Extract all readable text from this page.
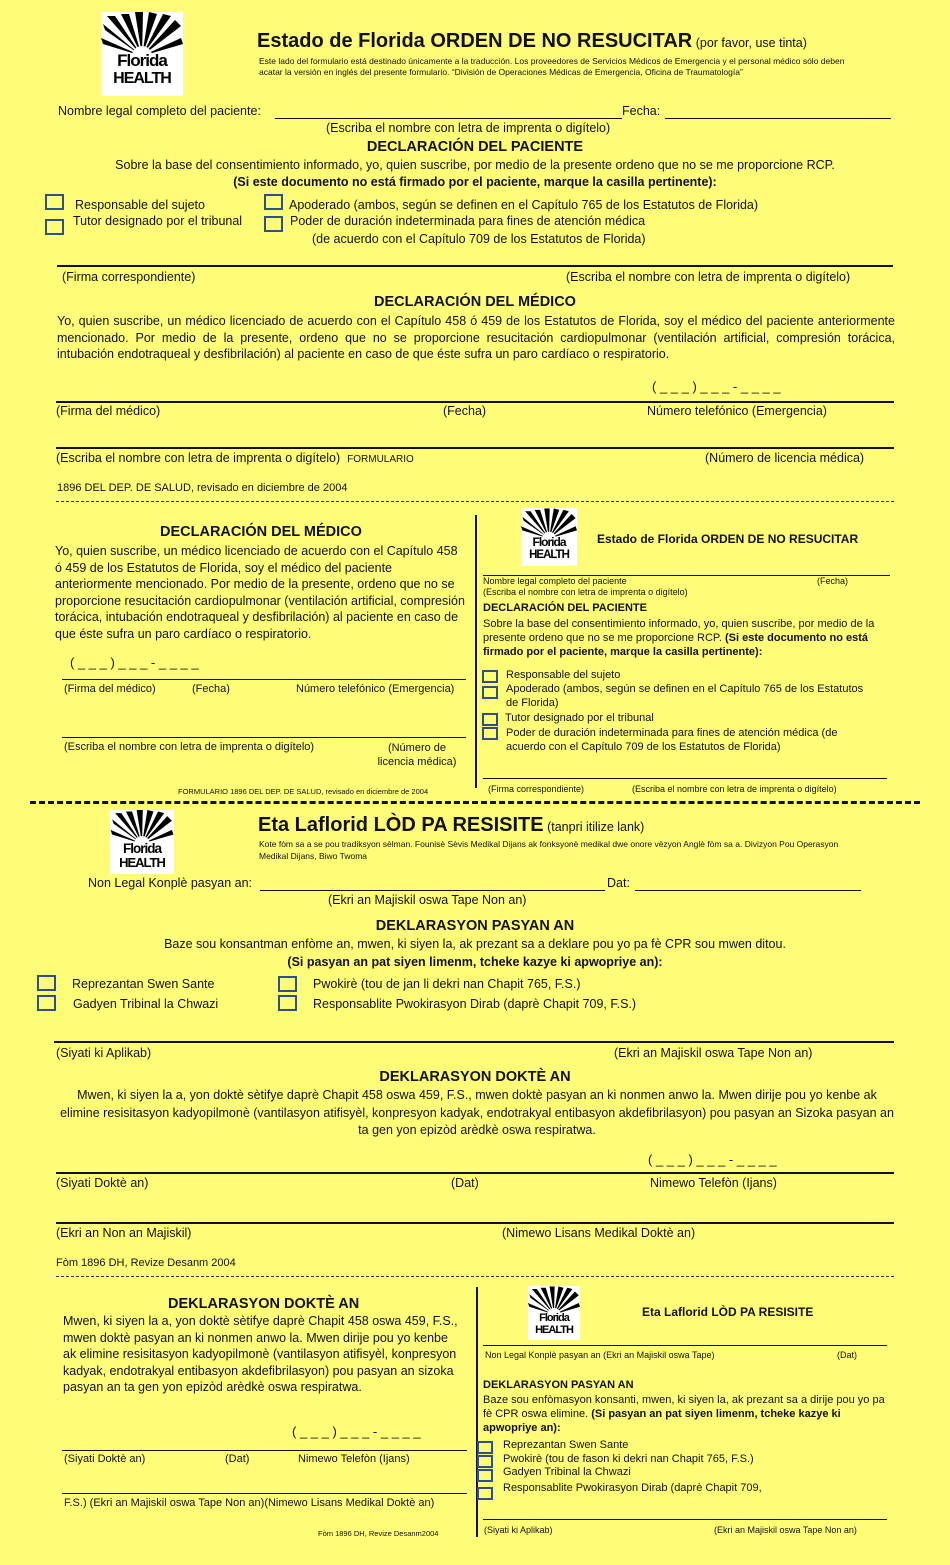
Florida
HEALTH
Estado de Florida ORDEN DE NO RESUCITAR (por favor, use tinta)
Este lado del formulario está destinado únicamente a la traducción. Los proveedores de Servicios Médicos de Emergencia y el personal médico sólo deben acatar la versión en inglés del presente formulario. “División de Operaciones Médicas de Emergencia, Oficina de Traumatología”
Nombre legal completo del paciente:	Fecha:
(Escriba el nombre con letra de imprenta o digítelo)
DECLARACIÓN DEL PACIENTE
Sobre la base del consentimiento informado, yo, quien suscribe, por medio de la presente ordeno que no se me proporcione RCP.
(Si este documento no está firmado por el paciente, marque la casilla pertinente):
Responsable del sujeto
Tutor designado por el tribunal
Apoderado (ambos, según se definen en el Capítulo 765 de los Estatutos de Florida)
Poder de duración indeterminada para fines de atención médica
(de acuerdo con el Capítulo 709 de los Estatutos de Florida)
(Firma correspondiente)	(Escriba el nombre con letra de imprenta o digítelo)
DECLARACIÓN DEL MÉDICO
Yo, quien suscribe, un médico licenciado de acuerdo con el Capítulo 458 ó 459 de los Estatutos de Florida, soy el médico del paciente anteriormente mencionado. Por medio de la presente, ordeno que no se proporcione resucitación cardiopulmonar (ventilación artificial, compresión torácica, intubación endotraqueal y desfibrilación) al paciente en caso de que éste sufra un paro cardíaco o respiratorio.
( _ _ _ ) _ _ _ - _ _ _ _
(Firma del médico)	(Fecha)	Número telefónico (Emergencia)
(Escriba el nombre con letra de imprenta o digítelo) FORMULARIO	(Número de licencia médica)
1896 DEL DEP. DE SALUD, revisado en diciembre de 2004
DECLARACIÓN DEL MÉDICO
Yo, quien suscribe, un médico licenciado de acuerdo con el Capítulo 458 ó 459 de los Estatutos de Florida, soy el médico del paciente anteriormente mencionado. Por medio de la presente, ordeno que no se proporcione resucitación cardiopulmonar (ventilación artificial, compresión torácica, intubación endotraqueal y desfibrilación) al paciente en caso de que éste sufra un paro cardíaco o respiratorio.
( _ _ _ ) _ _ _ - _ _ _ _
(Firma del médico)	(Fecha)	Número telefónico (Emergencia)
(Escriba el nombre con letra de imprenta o digítelo)	(Número de licencia médica)
FORMULARIO 1896 DEL DEP. DE SALUD, revisado en diciembre de 2004
Florida
HEALTH
Estado de Florida ORDEN DE NO RESUCITAR
Nombre legal completo del paciente	(Fecha)
(Escriba el nombre con letra de imprenta o digítelo)
DECLARACIÓN DEL PACIENTE
Sobre la base del consentimiento informado, yo, quien suscribe, por medio de la presente ordeno que no se me proporcione RCP. (Si este documento no está firmado por el paciente, marque la casilla pertinente):
Responsable del sujeto
Apoderado (ambos, según se definen en el Capítulo 765 de los Estatutos de Florida)
Tutor designado por el tribunal
Poder de duración indeterminada para fines de atención médica (de acuerdo con el Capítulo 709 de los Estatutos de Florida)
(Firma correspondiente)	(Escriba el nombre con letra de imprenta o digítelo)
Florida
HEALTH
Eta Laflorid LÒD PA RESISITE (tanpri itilize lank)
Kote fòm sa a se pou tradiksyon sèlman. Founisè Sèvis Medikal Dijans ak fonksyonè medikal dwe onore vèzyon Anglè fòm sa a. Divizyon Pou Operasyon Medikal Dijans, Biwo Twoma
Non Legal Konplè pasyan an:	Dat:
(Ekri an Majiskil oswa Tape Non an)
DEKLARASYON PASYAN AN
Baze sou konsantman enfòme an, mwen, ki siyen la, ak prezant sa a deklare pou yo pa fè CPR sou mwen ditou.
(Si pasyan an pat siyen limenm, tcheke kazye ki apwopriye an):
Reprezantan Swen Sante
Gadyen Tribinal la Chwazi
Pwokirè (tou de jan li dekri nan Chapit 765, F.S.)
Responsablite Pwokirasyon Dirab (daprè Chapit 709, F.S.)
(Siyati ki Aplikab)	(Ekri an Majiskil oswa Tape Non an)
DEKLARASYON DOKTÈ AN
Mwen, ki siyen la a, yon doktè sètifye daprè Chapit 458 oswa 459, F.S., mwen doktè pasyan an ki nonmen anwo la. Mwen dirije pou yo kenbe ak elimine resisitasyon kadyopilmonè (vantilasyon atifisyèl, konpresyon kadyak, endotrakyal entibasyon akdefibrilasyon) pou pasyan an Sizoka pasyan an ta gen yon epizòd arèdkè oswa respiratwa.
( _ _ _ ) _ _ _ - _ _ _ _
(Siyati Doktè an)	(Dat)	Nimewo Telefòn (Ijans)
(Ekri an Non an Majiskil)	(Nimewo Lisans Medikal Doktè an)
Fòm 1896 DH, Revize Desanm 2004
DEKLARASYON DOKTÈ AN
Mwen, ki siyen la a, yon doktè sètifye daprè Chapit 458 oswa 459, F.S., mwen doktè pasyan an ki nonmen anwo la. Mwen dirije pou yo kenbe ak elimine resisitasyon kadyopilmonè (vantilasyon atifisyèl, konpresyon kadyak, endotrakyal entibasyon akdefibrilasyon) pou pasyan an sizoka pasyan an ta gen yon epizòd arèdkè oswa respiratwa.
( _ _ _ ) _ _ _ - _ _ _ _
(Siyati Doktè an)	(Dat)	Nimewo Telefòn (Ijans)
F.S.) (Ekri an Majiskil oswa Tape Non an)(Nimewo Lisans Medikal Doktè an)
Fòm 1896 DH, Revize Desanm2004
Florida
HEALTH
Eta Laflorid LÒD PA RESISITE
Non Legal Konplè pasyan an (Ekri an Majiskil oswa Tape)	(Dat)
DEKLARASYON PASYAN AN
Baze sou enfòmasyon konsanti, mwen, ki siyen la, ak prezant sa a dirije pou yo pa fè CPR oswa elimine. (Si pasyan an pat siyen limenm, tcheke kazye ki apwopriye an):
Reprezantan Swen Sante
Pwokirè (tou de fason ki dekri nan Chapit 765, F.S.)
Gadyen Tribinal la Chwazi
Responsablite Pwokirasyon Dirab (daprè Chapit 709,
(Siyati ki Aplikab)	(Ekri an Majiskil oswa Tape Non an)
